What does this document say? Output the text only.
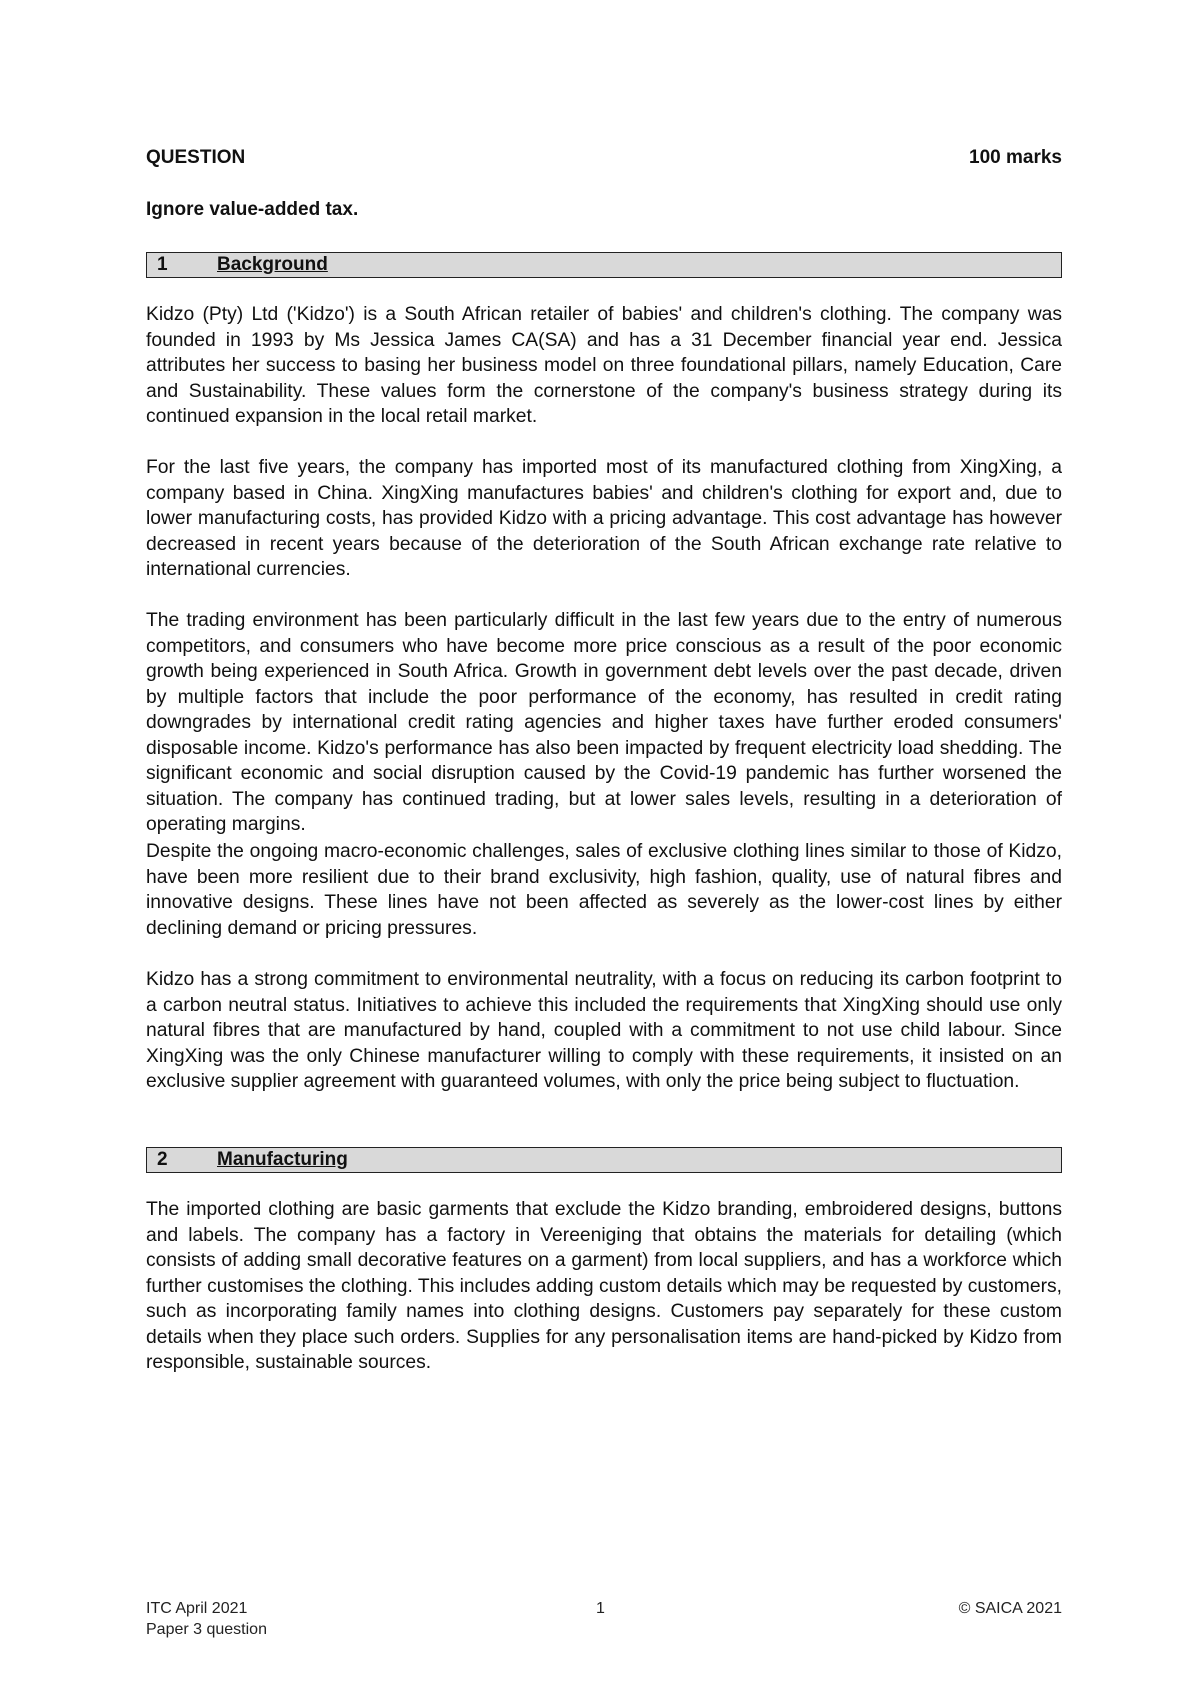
QUESTION	100 marks
Ignore value-added tax.
1	Background

Kidzo (Pty) Ltd ('Kidzo') is a South African retailer of babies' and children's clothing. The company was founded in 1993 by Ms Jessica James CA(SA) and has a 31 December financial year end. Jessica attributes her success to basing her business model on three foundational pillars, namely Education, Care and Sustainability. These values form the cornerstone of the company's business strategy during its continued expansion in the local retail market.

For the last five years, the company has imported most of its manufactured clothing from XingXing, a company based in China. XingXing manufactures babies' and children's clothing for export and, due to lower manufacturing costs, has provided Kidzo with a pricing advantage. This cost advantage has however decreased in recent years because of the deterioration of the South African exchange rate relative to international currencies.

The trading environment has been particularly difficult in the last few years due to the entry of numerous competitors, and consumers who have become more price conscious as a result of the poor economic growth being experienced in South Africa. Growth in government debt levels over the past decade, driven by multiple factors that include the poor performance of the economy, has resulted in credit rating downgrades by international credit rating agencies and higher taxes have further eroded consumers' disposable income. Kidzo's performance has also been impacted by frequent electricity load shedding. The significant economic and social disruption caused by the Covid-19 pandemic has further worsened the situation. The company has continued trading, but at lower sales levels, resulting in a deterioration of operating margins.

Despite the ongoing macro-economic challenges, sales of exclusive clothing lines similar to those of Kidzo, have been more resilient due to their brand exclusivity, high fashion, quality, use of natural fibres and innovative designs. These lines have not been affected as severely as the lower-cost lines by either declining demand or pricing pressures.

Kidzo has a strong commitment to environmental neutrality, with a focus on reducing its carbon footprint to a carbon neutral status. Initiatives to achieve this included the requirements that XingXing should use only natural fibres that are manufactured by hand, coupled with a commitment to not use child labour. Since XingXing was the only Chinese manufacturer willing to comply with these requirements, it insisted on an exclusive supplier agreement with guaranteed volumes, with only the price being subject to fluctuation.

2	Manufacturing

The imported clothing are basic garments that exclude the Kidzo branding, embroidered designs, buttons and labels. The company has a factory in Vereeniging that obtains the materials for detailing (which consists of adding small decorative features on a garment) from local suppliers, and has a workforce which further customises the clothing. This includes adding custom details which may be requested by customers, such as incorporating family names into clothing designs. Customers pay separately for these custom details when they place such orders. Supplies for any personalisation items are hand-picked by Kidzo from responsible, sustainable sources.

ITC April 2021
Paper 3 question
1	© SAICA 2021
